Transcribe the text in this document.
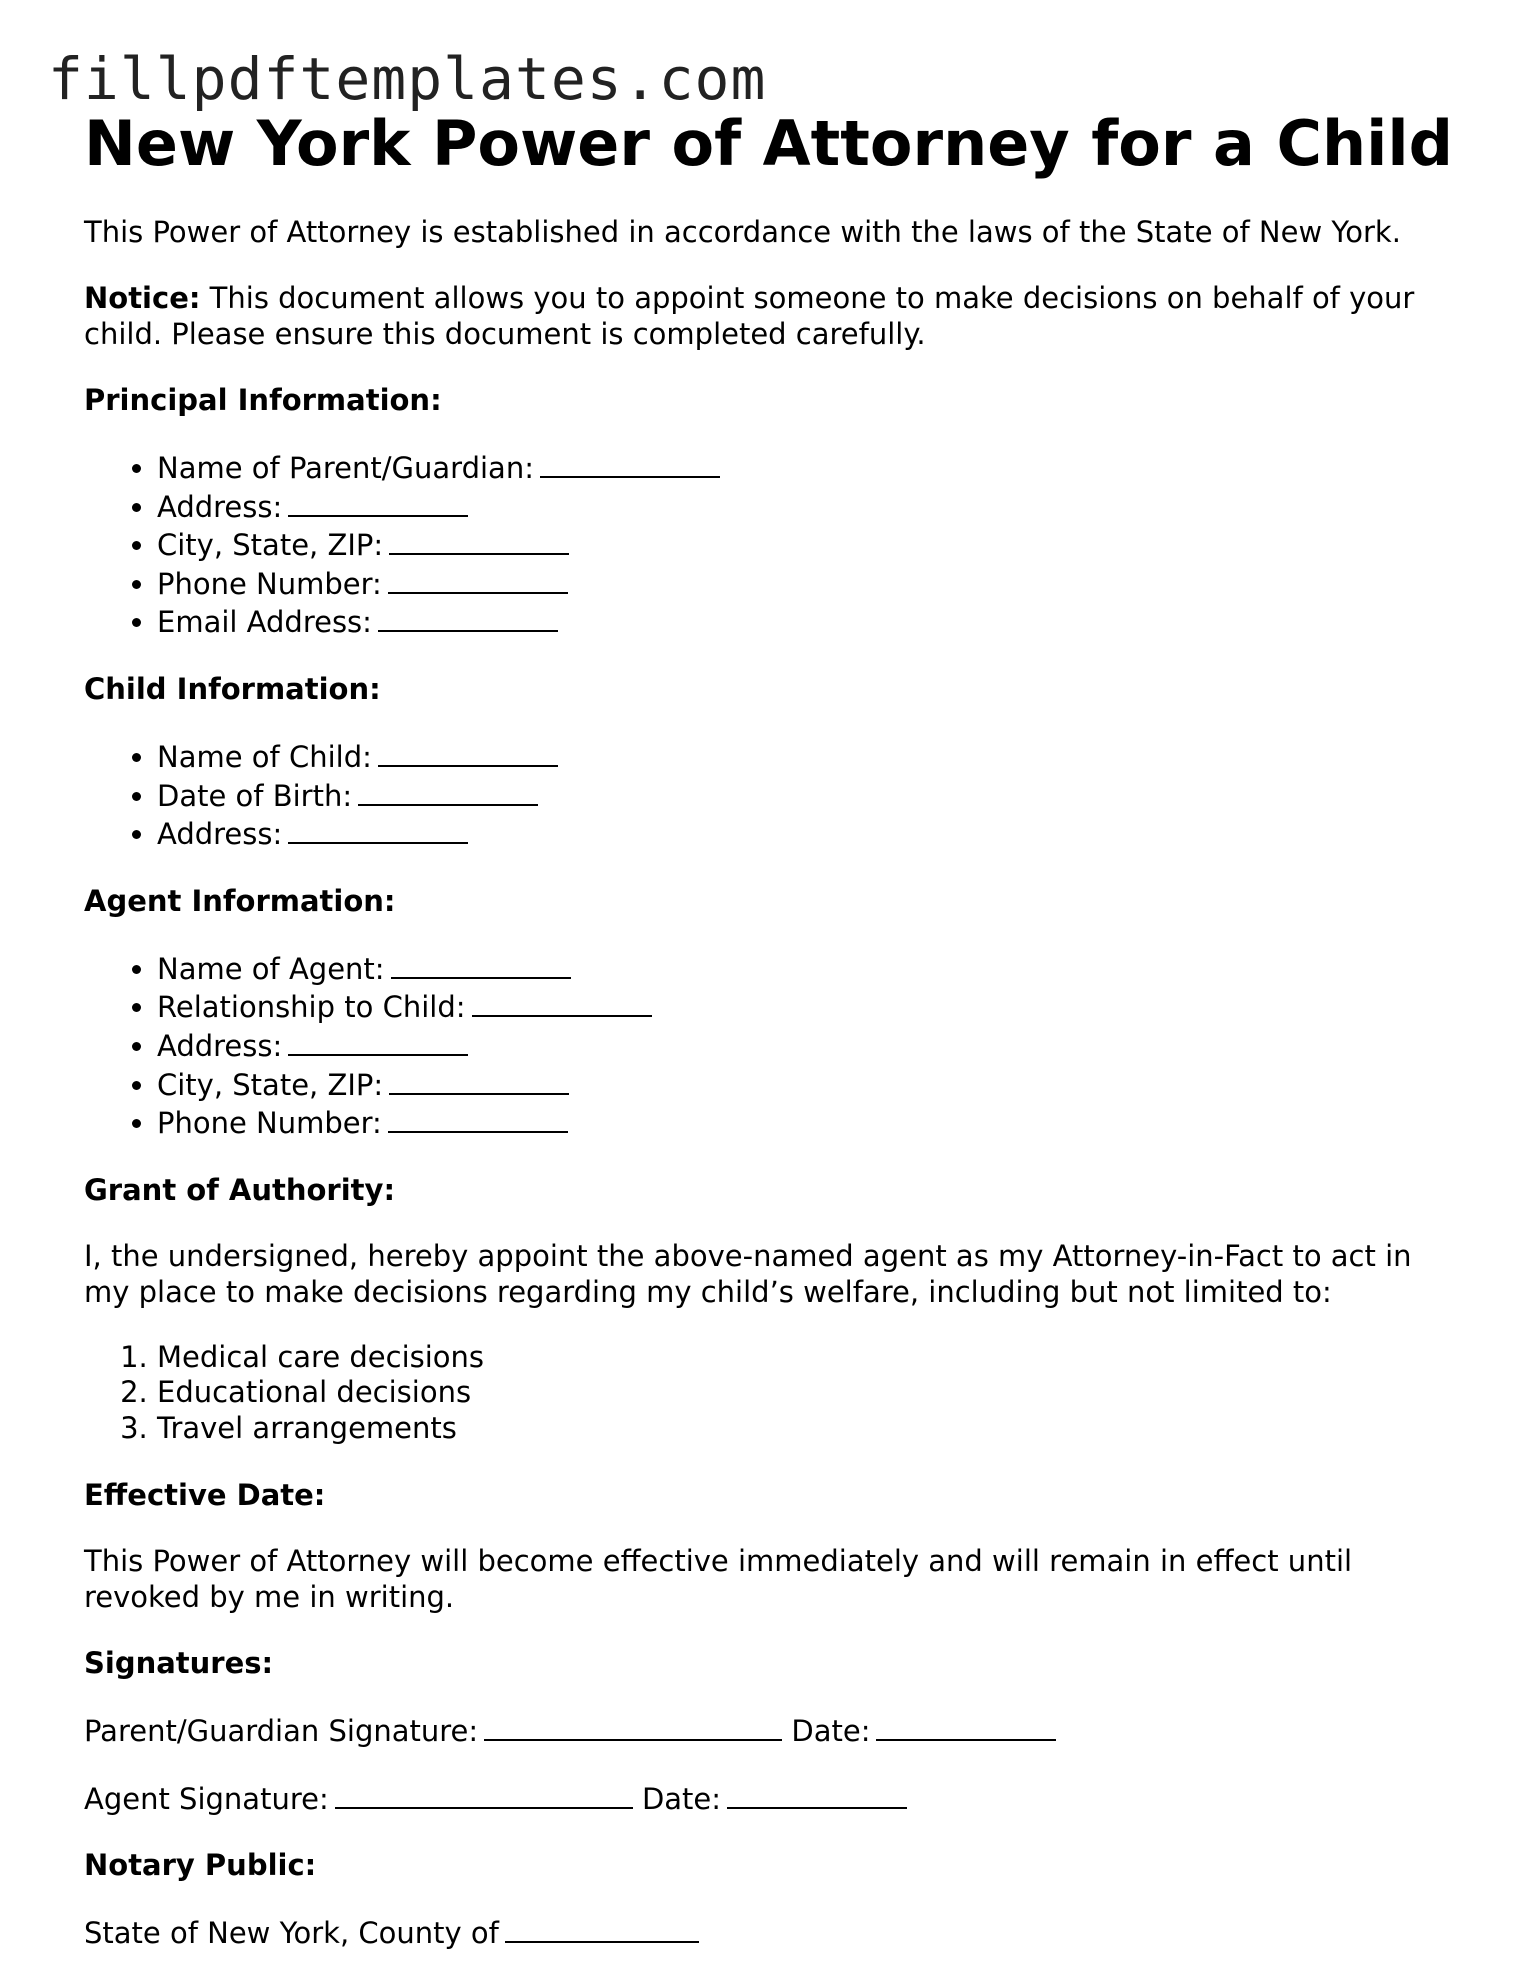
fillpdftemplates.com
New York Power of Attorney for a Child

This Power of Attorney is established in accordance with the laws of the State of New York.

Notice: This document allows you to appoint someone to make decisions on behalf of your child. Please ensure this document is completed carefully.

Principal Information:

• Name of Parent/Guardian:
• Address:
• City, State, ZIP:
• Phone Number:
• Email Address:

Child Information:

• Name of Child:
• Date of Birth:
• Address:

Agent Information:

• Name of Agent:
• Relationship to Child:
• Address:
• City, State, ZIP:
• Phone Number:

Grant of Authority:

I, the undersigned, hereby appoint the above-named agent as my Attorney-in-Fact to act in my place to make decisions regarding my child’s welfare, including but not limited to:

1. Medical care decisions
2. Educational decisions
3. Travel arrangements

Effective Date:

This Power of Attorney will become effective immediately and will remain in effect until revoked by me in writing.

Signatures:

Parent/Guardian Signature:	Date:

Agent Signature:	Date:

Notary Public:

State of New York, County of
